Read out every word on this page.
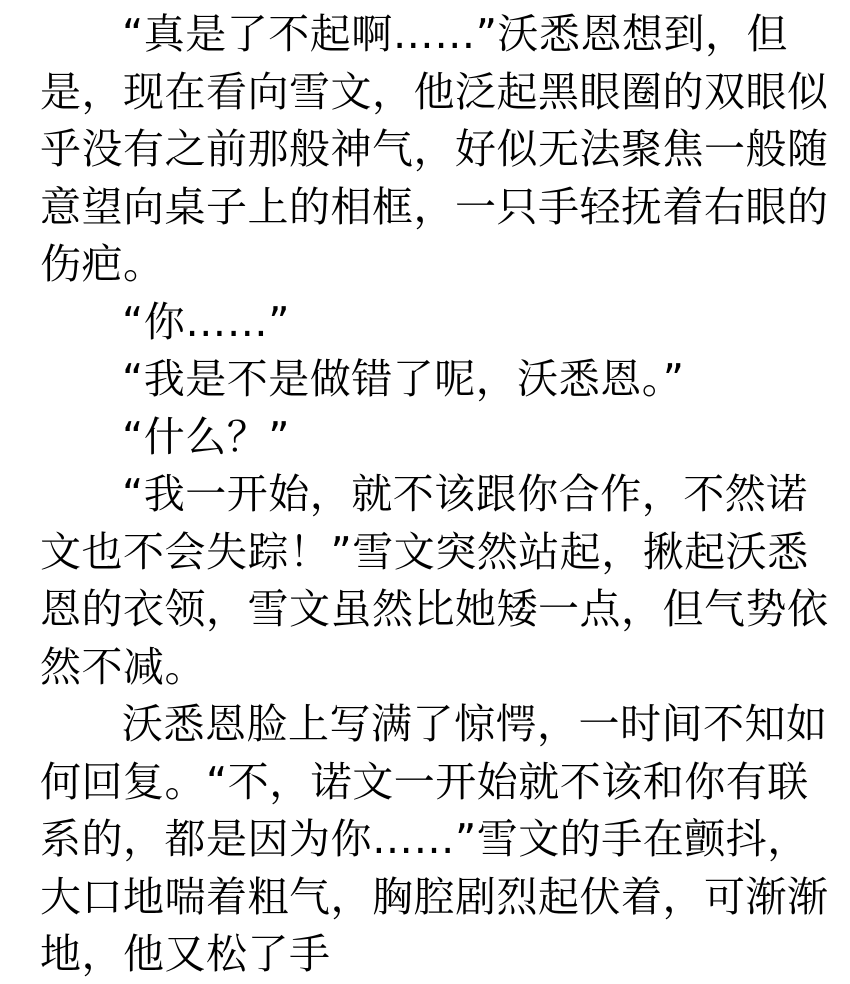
“真是了不起啊……”沃悉恩想到，但
是，现在看向雪文，他泛起黑眼圈的双眼似
乎没有之前那般神气，好似无法聚焦一般随
意望向桌子上的相框，一只手轻抚着右眼的
伤疤。
“你……”
“我是不是做错了呢，沃悉恩。”
“什么？”
“我一开始，就不该跟你合作，不然诺
文也不会失踪！”雪文突然站起，揪起沃悉
恩的衣领，雪文虽然比她矮一点，但气势依
然不减。
沃悉恩脸上写满了惊愕，一时间不知如
何回复。“不，诺文一开始就不该和你有联
系的，都是因为你……”雪文的手在颤抖，
大口地喘着粗气，胸腔剧烈起伏着，可渐渐
地，他又松了手
